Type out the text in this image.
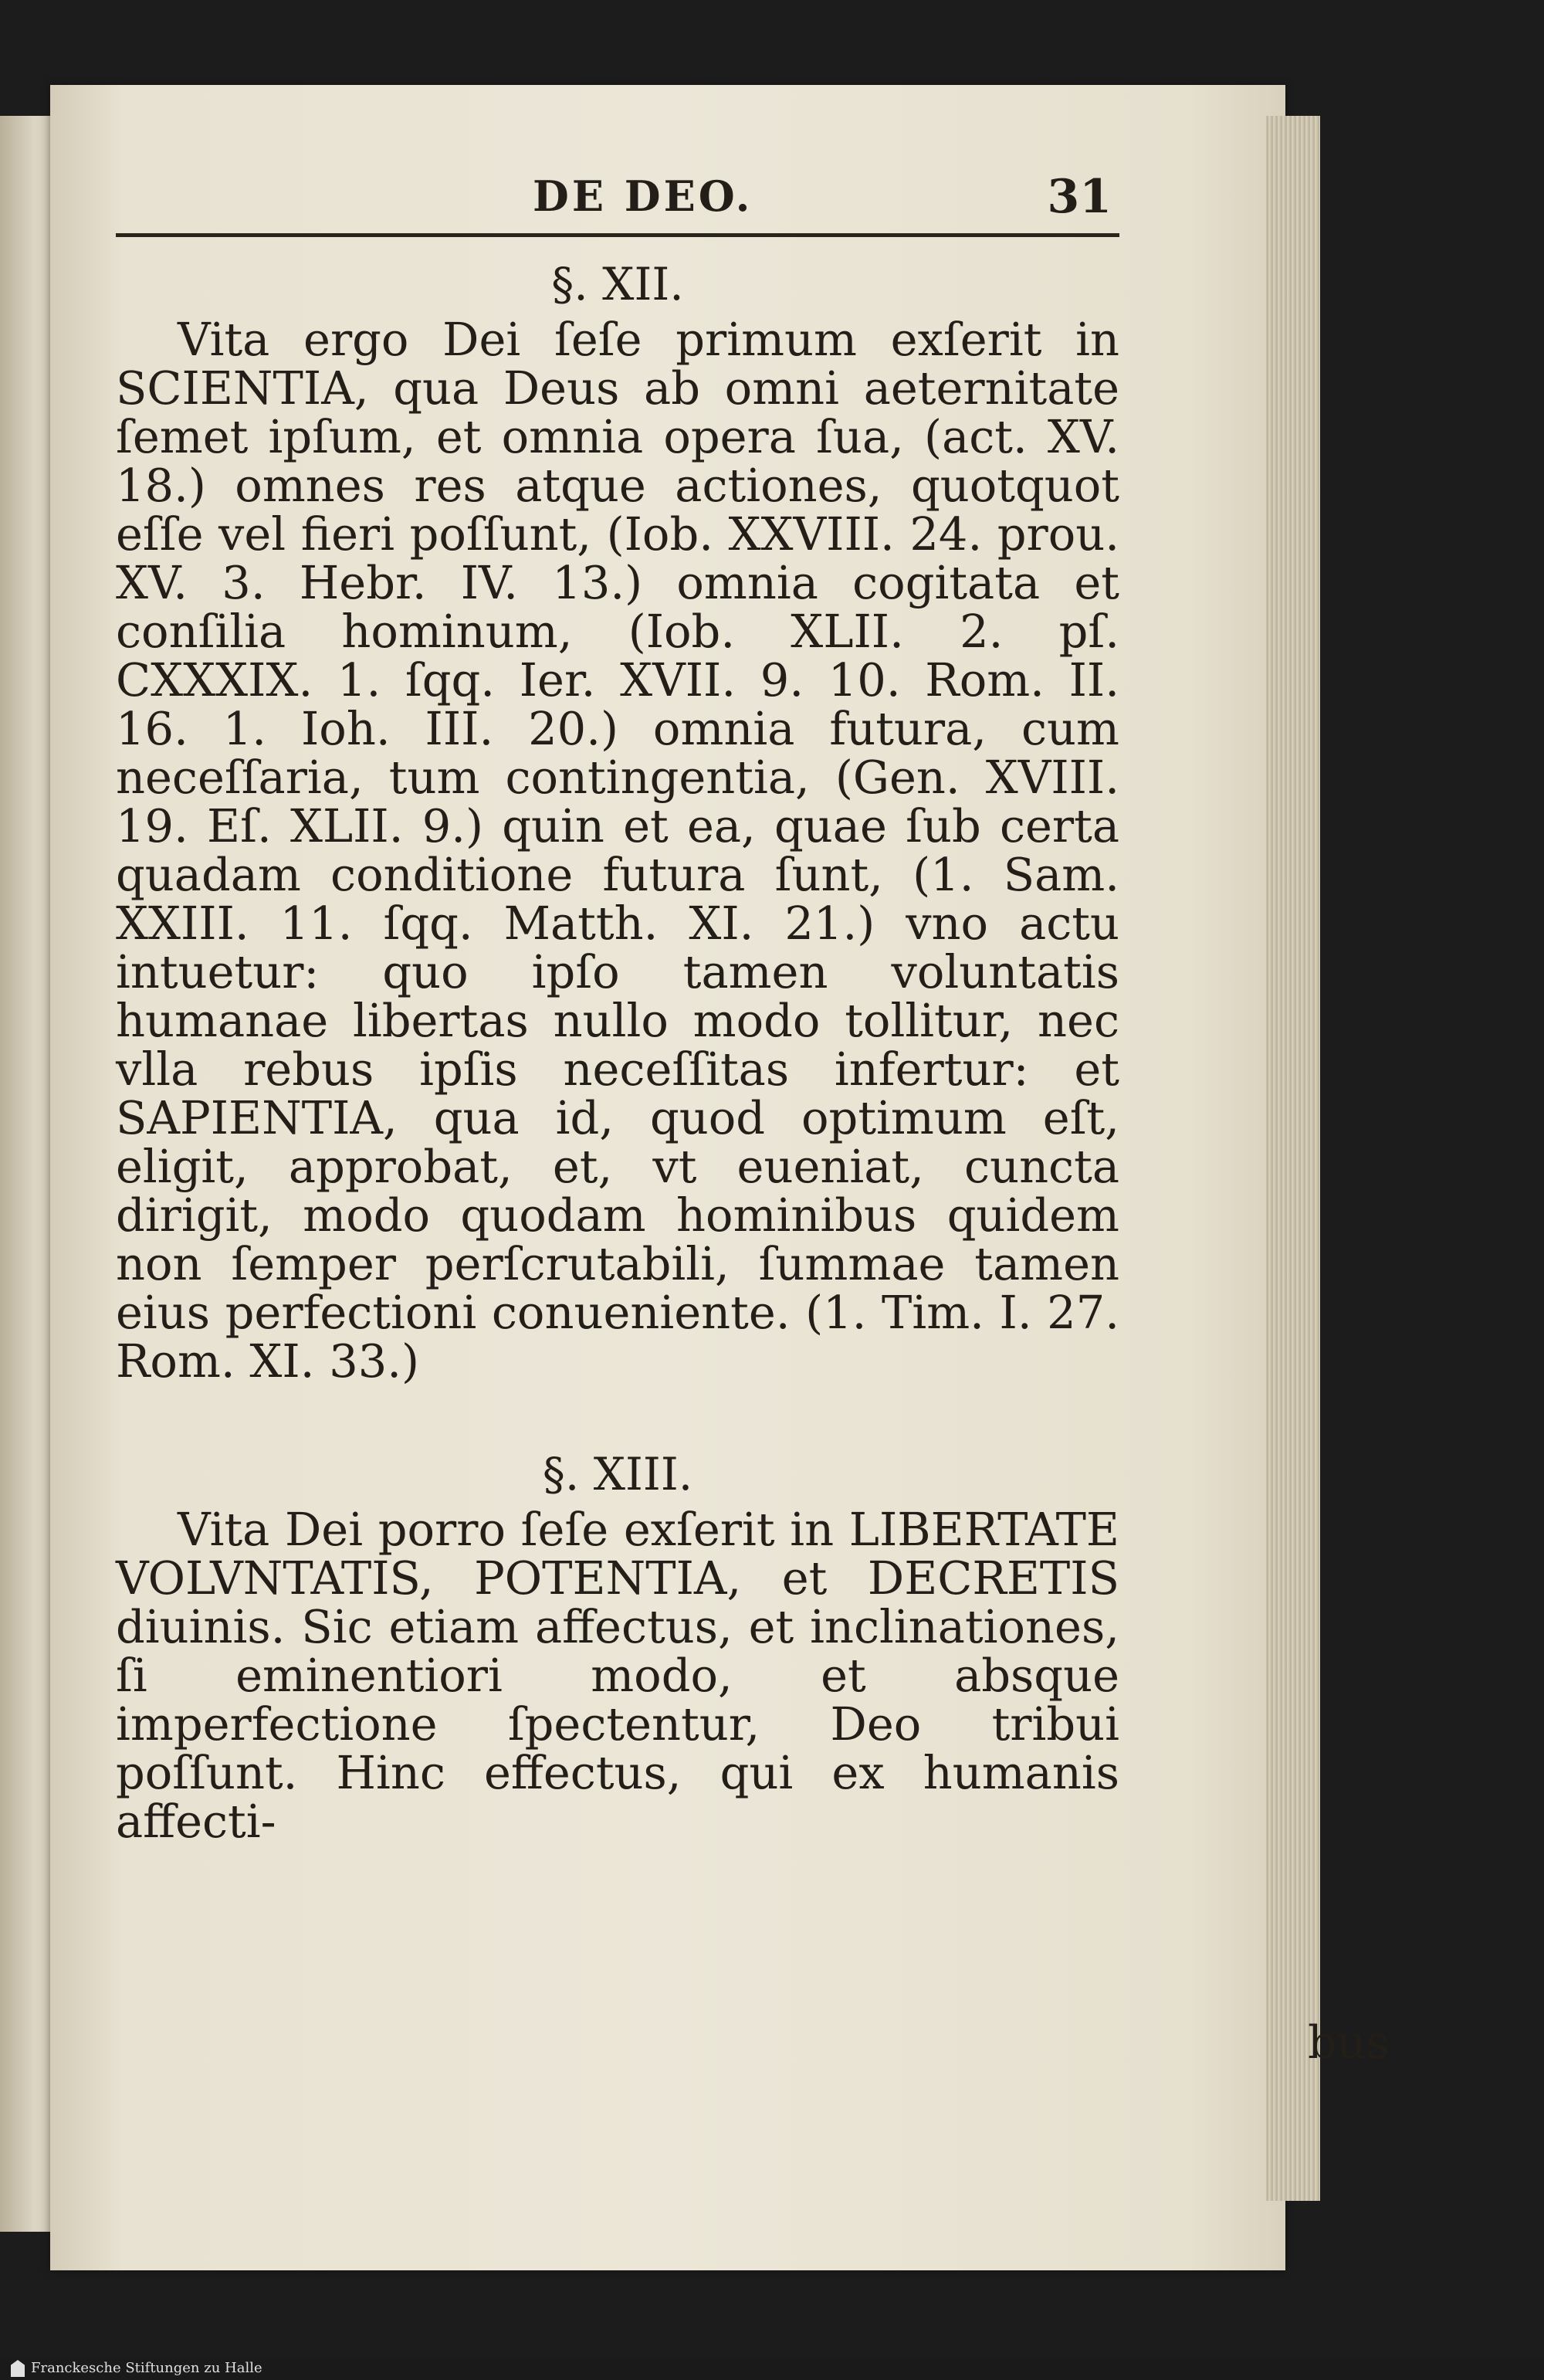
DE DEO.	31

§. XII.

Vita ergo Dei ſeſe primum exſerit in SCIENTIA, qua Deus ab omni aeternitate ſemet ipſum, et omnia opera ſua, (act. XV. 18.) omnes res atque actiones, quotquot eſſe vel fieri poſſunt, (Iob. XXVIII. 24. prou. XV. 3. Hebr. IV. 13.) omnia cogitata et conſilia hominum, (Iob. XLII. 2. pſ. CXXXIX. 1. ſqq. Ier. XVII. 9. 10. Rom. II. 16. 1. Ioh. III. 20.) omnia futura, cum neceſſaria, tum contingentia, (Gen. XVIII. 19. Eſ. XLII. 9.) quin et ea, quae ſub certa quadam conditione futura ſunt, (1. Sam. XXIII. 11. ſqq. Matth. XI. 21.) vno actu intuetur: quo ipſo tamen voluntatis humanae libertas nullo modo tollitur, nec vlla rebus ipſis neceſſitas infertur: et SAPIENTIA, qua id, quod optimum eſt, eligit, approbat, et, vt eueniat, cuncta dirigit, modo quodam hominibus quidem non ſemper perſcrutabili, ſummae tamen eius perfectioni conueniente. (1. Tim. I. 27. Rom. XI. 33.)

§. XIII.

Vita Dei porro ſeſe exſerit in LIBERTATE VOLVNTATIS, POTENTIA, et DECRETIS diuinis. Sic etiam affectus, et inclinationes, ſi eminentiori modo, et absque imperfectione ſpectentur, Deo tribui poſſunt. Hinc effectus, qui ex humanis affecti-

bus
Franckesche Stiftungen zu Halle
